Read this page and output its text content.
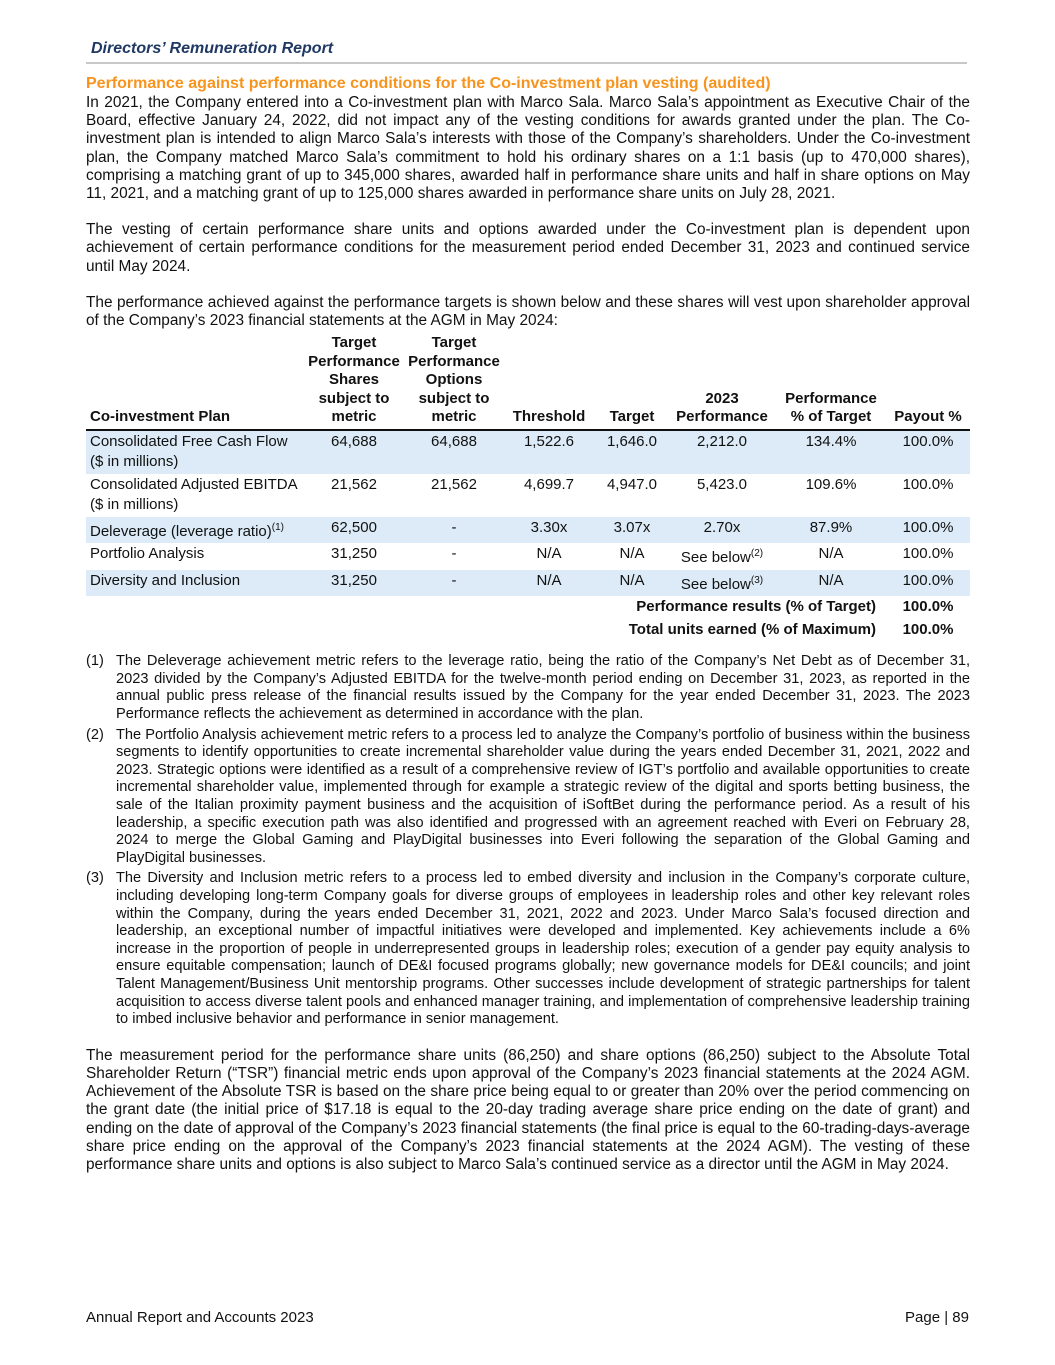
Directors’ Remuneration Report
Performance against performance conditions for the Co-investment plan vesting (audited)

In 2021, the Company entered into a Co-investment plan with Marco Sala. Marco Sala’s appointment as Executive Chair of the Board, effective January 24, 2022, did not impact any of the vesting conditions for awards granted under the plan. The Co-investment plan is intended to align Marco Sala’s interests with those of the Company’s shareholders. Under the Co-investment plan, the Company matched Marco Sala’s commitment to hold his ordinary shares on a 1:1 basis (up to 470,000 shares), comprising a matching grant of up to 345,000 shares, awarded half in performance share units and half in share options on May 11, 2021, and a matching grant of up to 125,000 shares awarded in performance share units on July 28, 2021.

The vesting of certain performance share units and options awarded under the Co-investment plan is dependent upon achievement of certain performance conditions for the measurement period ended December 31, 2023 and continued service until May 2024.

The performance achieved against the performance targets is shown below and these shares will vest upon shareholder approval of the Company’s 2023 financial statements at the AGM in May 2024:

Co-investment Plan	Target Performance Shares subject to metric	Target Performance Options subject to metric	Threshold	Target	2023 Performance	Performance % of Target	Payout %
Consolidated Free Cash Flow ($ in millions)	64,688	64,688	1,522.6	1,646.0	2,212.0	134.4%	100.0%
Consolidated Adjusted EBITDA ($ in millions)	21,562	21,562	4,699.7	4,947.0	5,423.0	109.6%	100.0%
Deleverage (leverage ratio)$^{(1)}$	62,500	-	3.30x	3.07x	2.70x	87.9%	100.0%
Portfolio Analysis	31,250	-	N/A	N/A	See below$^{(2)}$	N/A	100.0%
Diversity and Inclusion	31,250	-	N/A	N/A	See below$^{(3)}$	N/A	100.0%
Performance results (% of Target)							100.0%
Total units earned (% of Maximum)							100.0%
(1) The Deleverage achievement metric refers to the leverage ratio, being the ratio of the Company’s Net Debt as of December 31, 2023 divided by the Company’s Adjusted EBITDA for the twelve-month period ending on December 31, 2023, as reported in the annual public press release of the financial results issued by the Company for the year ended December 31, 2023. The 2023 Performance reflects the achievement as determined in accordance with the plan.
(2) The Portfolio Analysis achievement metric refers to a process led to analyze the Company’s portfolio of business within the business segments to identify opportunities to create incremental shareholder value during the years ended December 31, 2021, 2022 and 2023. Strategic options were identified as a result of a comprehensive review of IGT’s portfolio and available opportunities to create incremental shareholder value, implemented through for example a strategic review of the digital and sports betting business, the sale of the Italian proximity payment business and the acquisition of iSoftBet during the performance period. As a result of his leadership, a specific execution path was also identified and progressed with an agreement reached with Everi on February 28, 2024 to merge the Global Gaming and PlayDigital businesses into Everi following the separation of the Global Gaming and PlayDigital businesses.
(3) The Diversity and Inclusion metric refers to a process led to embed diversity and inclusion in the Company’s corporate culture, including developing long-term Company goals for diverse groups of employees in leadership roles and other key relevant roles within the Company, during the years ended December 31, 2021, 2022 and 2023. Under Marco Sala’s focused direction and leadership, an exceptional number of impactful initiatives were developed and implemented. Key achievements include a 6% increase in the proportion of people in underrepresented groups in leadership roles; execution of a gender pay equity analysis to ensure equitable compensation; launch of DE&I focused programs globally; new governance models for DE&I councils; and joint Talent Management/Business Unit mentorship programs. Other successes include development of strategic partnerships for talent acquisition to access diverse talent pools and enhanced manager training, and implementation of comprehensive leadership training to imbed inclusive behavior and performance in senior management.

The measurement period for the performance share units (86,250) and share options (86,250) subject to the Absolute Total Shareholder Return (“TSR”) financial metric ends upon approval of the Company’s 2023 financial statements at the 2024 AGM. Achievement of the Absolute TSR is based on the share price being equal to or greater than 20% over the period commencing on the grant date (the initial price of $17.18 is equal to the 20-day trading average share price ending on the date of grant) and ending on the date of approval of the Company’s 2023 financial statements (the final price is equal to the 60-trading-days-average share price ending on the approval of the Company’s 2023 financial statements at the 2024 AGM). The vesting of these performance share units and options is also subject to Marco Sala’s continued service as a director until the AGM in May 2024.

Annual Report and Accounts 2023	Page | 89
